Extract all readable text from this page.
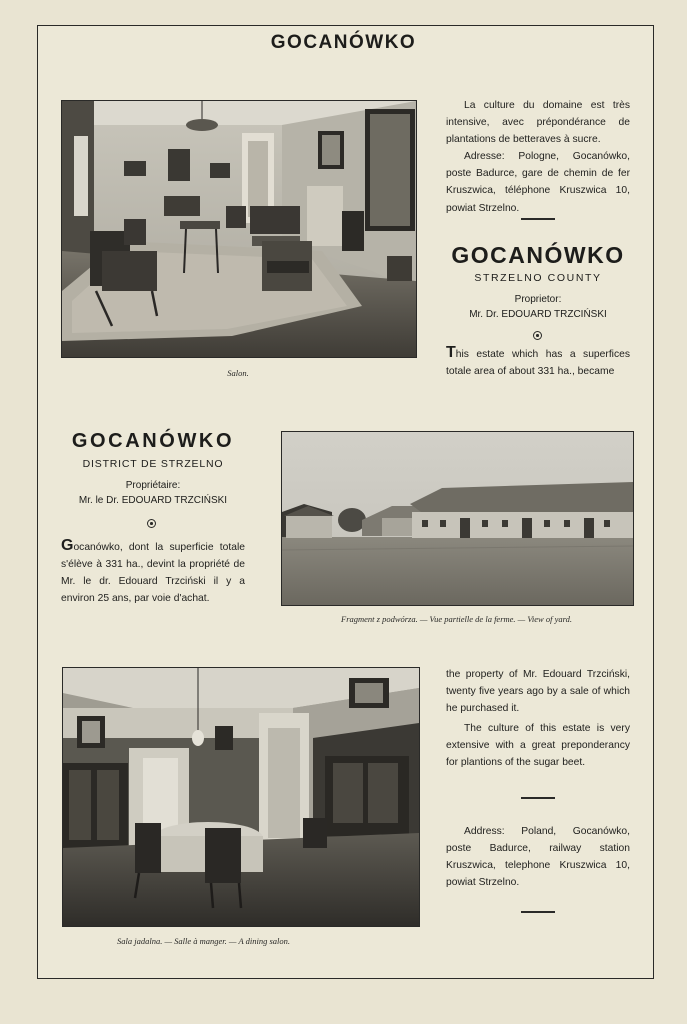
GOCANÓWKO
Salon.
La culture du domaine est très intensive, avec prépondérance de plantations de betteraves à sucre.
Adresse: Pologne, Gocanówko, poste Badurce, gare de chemin de fer Kruszwica, téléphone Kruszwica 10, powiat Strzelno.
GOCANÓWKO
STRZELNO COUNTY
Proprietor:
Mr. Dr. EDOUARD TRZCIŃSKI
This estate which has a superfices totale area of about 331 ha., became
GOCANÓWKO
DISTRICT DE STRZELNO
Propriétaire:
Mr. le Dr. EDOUARD TRZCIŃSKI
Gocanówko, dont la superficie totale s'élève à 331 ha., devint la propriété de Mr. le dr. Edouard Trzciński il y a environ 25 ans, par voie d'achat.
Fragment z podwórza. — Vue partielle de la ferme. — View of yard.
Sala jadalna. — Salle à manger. — A dining salon.
the property of Mr. Edouard Trzciński, twenty five years ago by a sale of which he purchased it.
The culture of this estate is very extensive with a great preponderancy for plantions of the sugar beet.
Address: Poland, Gocanówko, poste Badurce, railway station Kruszwica, telephone Kruszwica 10, powiat Strzelno.
